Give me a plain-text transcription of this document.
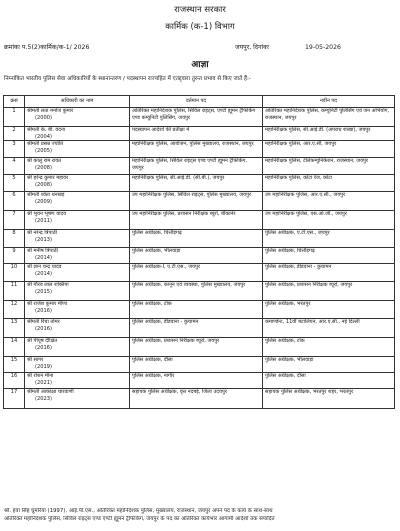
राजस्थान सरकार
कार्मिक (क-1) विभाग
क्रमांकः प.5(2)कार्मिक/क-1/ 2026	जयपुर, दिनांकः	19-05-2026
आज्ञा
निम्नांकित भारतीय पुलिस सेवा अधिकारियों के स्थानान्तरण / पदस्थापन राज्यहित में एतद्द्वारा तुरन्त प्रभाव से किए जाते हैं:-
क्रसं	अधिकारी का नाम	वर्तमान पद	नवीन पद
1	श्रीमती लता मनोज कुमार
(2000)	अतिरिक्त महानिदेशक पुलिस, सिविल राइट्स, एण्टी ह्यूमन ट्रैफिकिंग एण्ड कम्युनिटी पुलिसिंग, जयपुर	अतिरिक्त महानिदेशक पुलिस, कम्युनिटी पुलिसिंग एवं जन अभियोग, राजस्थान, जयपुर
2	श्रीमती के. बी. वंदना
(2004)	पदस्थापन आदेशों की प्रतीक्षा में	महानिरीक्षक पुलिस, सी.आई.डी. (अपराध शाखा), जयपुर
3	श्रीमती प्रसन्न ज्योति
(2005)	महानिरीक्षक पुलिस, आयोजन, पुलिस मुख्यालय, राजस्थान, जयपुर	महानिरीक्षक पुलिस, आर.ए.सी, जयपुर
4	श्री कालु राम रावत
(2008)	महानिरीक्षक पुलिस, सिविल राइट्स एण्ड एण्टी ह्यूमन ट्रैफिकिंग, जयपुर	महानिरीक्षक पुलिस, टेलिकम्युनिकेशन, राजस्थान, जयपुर
5	श्री हरेन्द्र कुमार महावर
(2008)	महानिरीक्षक पुलिस, सी.आई.डी. (सी.बी.), जयपुर	महानिरीक्षक पुलिस, कोटा रेंज, कोटा
6	श्रीमती श्वेता धनखड़
(2009)	उप महानिरीक्षक पुलिस, सिविल राइट्स, पुलिस मुख्यालय, जयपुर	उप महानिरीक्षक पुलिस, आर.ए.सी., जयपुर
7	श्री भुवन भूषण यादव
(2011)	उप महानिरीक्षक पुलिस, प्रशासन निरीक्षक ब्यूरो, बीकानेर	उप महानिरीक्षक पुलिस, एस.ओ.जी., जयपुर
8	श्री नरेन्द्र त्रिपाठी
(2013)	पुलिस अधीक्षक, चित्तौड़गढ़	पुलिस अधीक्षक, ए.टी.एस., जयपुर
9	श्री मनीष त्रिपाठी
(2014)	पुलिस अधीक्षक, भीलवाड़ा	पुलिस अधीक्षक, चित्तौड़गढ़
10	श्री ज्ञान चन्द्र यादव
(2014)	पुलिस अधीक्षक-I, ए.टी.एस., जयपुर	पुलिस अधीक्षक, डीडवाना - कुचामन
11	श्री गौरव लाल शक्तिपा
(2015)	पुलिस अधीक्षक, कानून एवं व्यवस्था, पुलिस मुख्यालय, जयपुर	पुलिस अधीक्षक, प्रशासन निरीक्षक ब्यूरो, जयपुर
12	श्री राजेश कुमार मीणा
(2016)	पुलिस अधीक्षक, टोंक	पुलिस अधीक्षक, भरतपुर
13	श्रीमती रिचा तोमर
(2016)	पुलिस अधीक्षक, डीडवाना - कुचामन	कमाण्डेन्ट, 11वीं बटालियन, आर.ए.सी., नई दिल्ली
14	श्री पीयूष दीक्षित
(2016)	पुलिस अधीक्षक, प्रशासन निरीक्षक ब्यूरो, जयपुर	पुलिस अधीक्षक, टोंक
15	श्री सागर
(2019)	पुलिस अधीक्षक, दौसा	पुलिस अधीक्षक, भीलवाड़ा
16	श्री रोशन मीना
(2021)	पुलिस अधीक्षक, नागौर	पुलिस अधीक्षक, दौसा
17	श्रीमती आकांक्षा चारवाणी
(2023)	सहायक पुलिस अधीक्षक, वृत्त नदबई, जिला उदयपुर	सहायक पुलिस अधीक्षक, भरतपुर शहर, भरतपुर
श्री. हवा सिंह घुमरिया (1997), आई.पी.एस., अतिरिक्त महानिदेशक पुलिस, मुख्यालय, राजस्थान, जयपुर अपने पद के कार्य के साथ-साथ
अतिरिक्त महानिदेशक पुलिस, सिविल राइट्स एण्ड एण्टी ह्यूमन ट्रैफिकिंग, जयपुर के पद का अतिरिक्त कार्यभार आगामी आदेशों तक संपादित
